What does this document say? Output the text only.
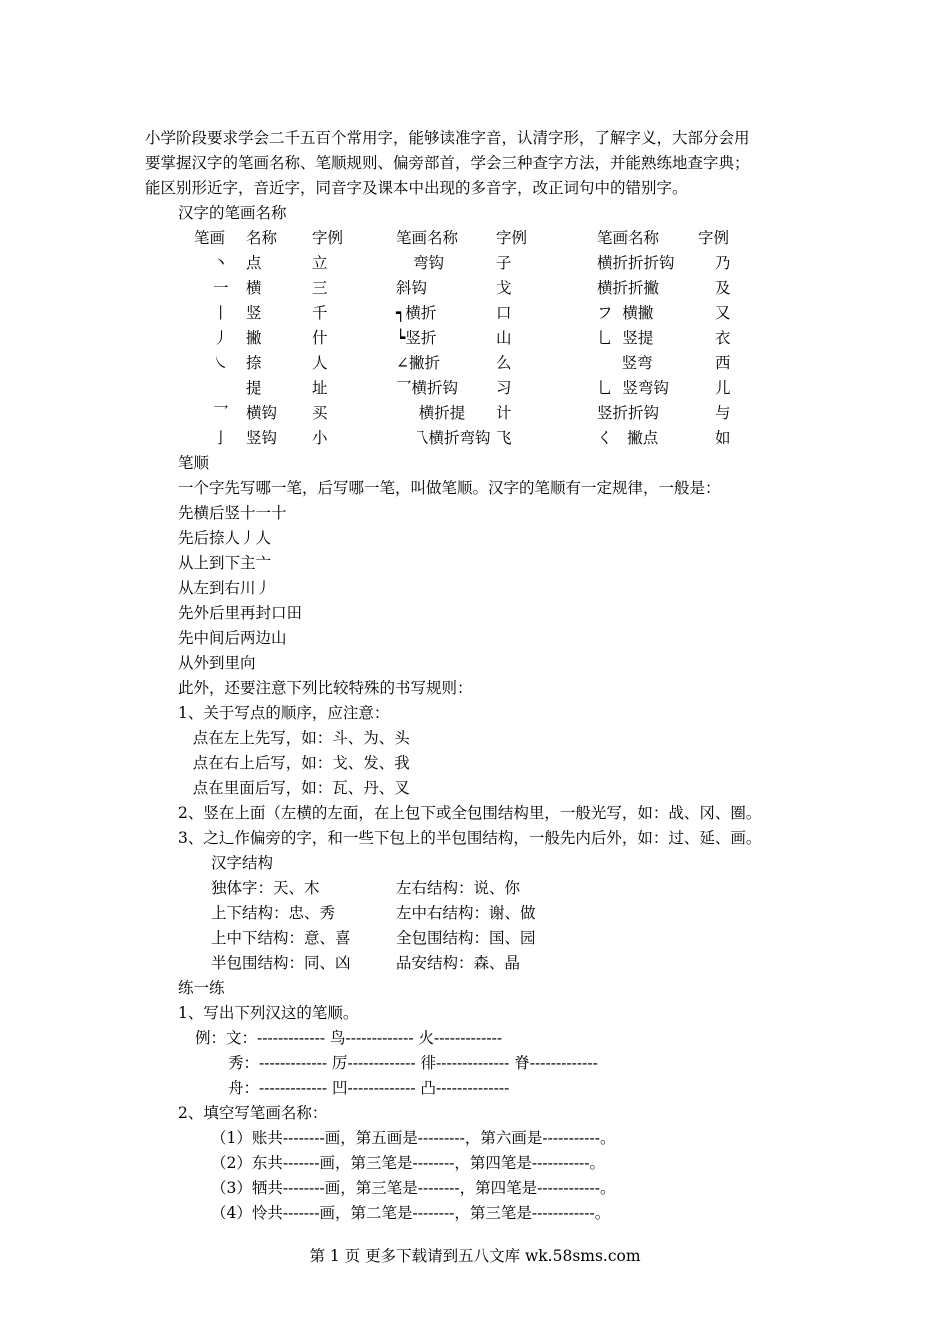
小学阶段要求学会二千五百个常用字，能够读准字音，认清字形，了解字义，大部分会用
要掌握汉字的笔画名称、笔顺规则、偏旁部首，学会三种查字方法，并能熟练地查字典；
能区别形近字，音近字，同音字及课本中出现的多音字，改正词句中的错别字。
汉字的笔画名称
笔画 名称 字例	笔画名称 字例	笔画名称	字例
丶 点	立	弯钩	子	横折折折钩	乃
一 横	三	斜钩	戈	横折折撇	及
丨 竖	千	┑横折	口	フ  横撇	又
丿 撇	什	┕竖折	山	乚  竖提	衣
㇏ 捺	人	∠撇折	么	竖弯	西
提	址	乛横折钩 习	乚  竖弯钩	儿
乛 横钩 买	横折提 计	竖折折钩	与
亅 竖钩 小	乁横折弯钩 飞	く   撇点	如
笔顺
一个字先写哪一笔，后写哪一笔，叫做笔顺。汉字的笔顺有一定规律，一般是：
先横后竖十一十
先后捺人丿人
从上到下主亠
从左到右川丿
先外后里再封口田
先中间后两边山
从外到里向
此外，还要注意下列比较特殊的书写规则：
1、关于写点的顺序，应注意：
点在左上先写，如：斗、为、头
点在右上后写，如：戈、发、我
点在里面后写，如：瓦、丹、叉
2、竖在上面（左横的左面，在上包下或全包围结构里，一般光写，如：战、冈、圈。
3、之辶作偏旁的字，和一些下包上的半包围结构，一般先内后外，如：过、延、画。
汉字结构
独体字：天、木	左右结构：说、你
上下结构：忠、秀	左中右结构：谢、做
上中下结构：意、喜	全包围结构：国、园
半包围结构：同、凶	品安结构：森、晶
练一练
1、写出下列汉这的笔顺。
例：文：------------- 鸟------------- 火-------------
秀：------------- 厉------------- 徘-------------- 脊-------------
舟：------------- 凹------------- 凸--------------
2、填空写笔画名称：
（1）账共--------画，第五画是---------，第六画是-----------。
（2）东共-------画，第三笔是--------，第四笔是-----------。
（3）牺共--------画，第三笔是--------，第四笔是------------。
（4）怜共-------画，第二笔是--------，第三笔是------------。
第 1 页 更多下载请到五八文库 wk.58sms.com
